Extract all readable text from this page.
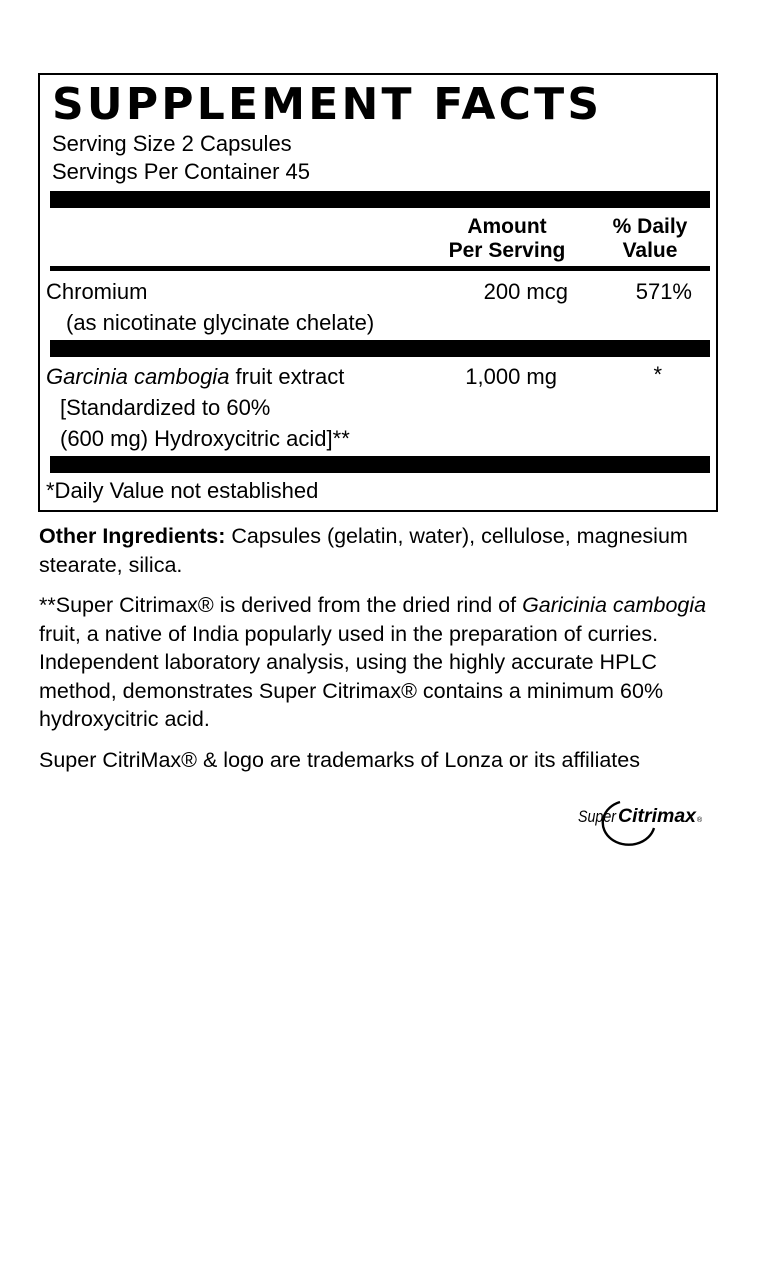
SUPPLEMENT FACTS
Serving Size 2 Capsules
Servings Per Container 45
Amount
Per Serving
% Daily
Value
Chromium
(as nicotinate glycinate chelate)
200 mcg	571%
Garcinia cambogia fruit extract
[Standardized to 60%
(600 mg) Hydroxycitric acid]**
1,000 mg	*
*Daily Value not established
Other Ingredients: Capsules (gelatin, water), cellulose, magnesium stearate, silica.
**Super Citrimax® is derived from the dried rind of Garicinia cambogia fruit, a native of India popularly used in the preparation of curries. Independent laboratory analysis, using the highly accurate HPLC method, demonstrates Super Citrimax® contains a minimum 60% hydroxycitric acid.
Super CitriMax® & logo are trademarks of Lonza or its affiliates
Super Citrimax ®
